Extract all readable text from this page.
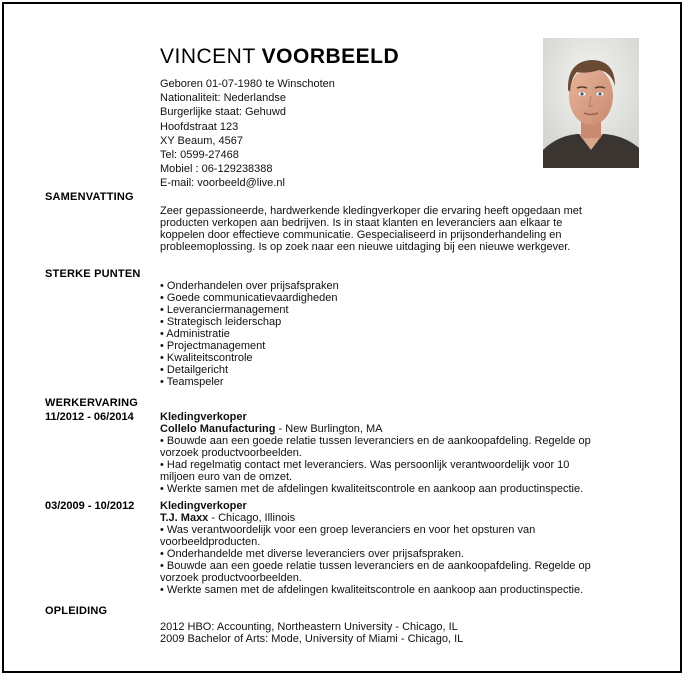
VINCENT VOORBEELD
Geboren 01-07-1980 te Winschoten
Nationaliteit: Nederlandse
Burgerlijke staat: Gehuwd
Hoofdstraat 123
XY Beaum, 4567
Tel: 0599-27468
Mobiel : 06-129238388
E-mail: voorbeeld@live.nl
SAMENVATTING
Zeer gepassioneerde, hardwerkende kledingverkoper die ervaring heeft opgedaan met
producten verkopen aan bedrijven. Is in staat klanten en leveranciers aan elkaar te
koppelen door effectieve communicatie. Gespecialiseerd in prijsonderhandeling en
probleemoplossing. Is op zoek naar een nieuwe uitdaging bij een nieuwe werkgever.
STERKE PUNTEN
• Onderhandelen over prijsafspraken
• Goede communicatievaardigheden
• Leveranciermanagement
• Strategisch leiderschap
• Administratie
• Projectmanagement
• Kwaliteitscontrole
• Detailgericht
• Teamspeler
WERKERVARING
11/2012 - 06/2014 Kledingverkoper
Collelo Manufacturing - New Burlington, MA
• Bouwde aan een goede relatie tussen leveranciers en de aankoopafdeling. Regelde op
vorzoek productvoorbeelden.
• Had regelmatig contact met leveranciers. Was persoonlijk verantwoordelijk voor 10
miljoen euro van de omzet.
• Werkte samen met de afdelingen kwaliteitscontrole en aankoop aan productinspectie.
03/2009 - 10/2012 Kledingverkoper
T.J. Maxx - Chicago, Illinois
• Was verantwoordelijk voor een groep leveranciers en voor het opsturen van
voorbeeldproducten.
• Onderhandelde met diverse leveranciers over prijsafspraken.
• Bouwde aan een goede relatie tussen leveranciers en de aankoopafdeling. Regelde op
vorzoek productvoorbeelden.
• Werkte samen met de afdelingen kwaliteitscontrole en aankoop aan productinspectie.
OPLEIDING
2012 HBO: Accounting, Northeastern University - Chicago, IL
2009 Bachelor of Arts: Mode, University of Miami - Chicago, IL
